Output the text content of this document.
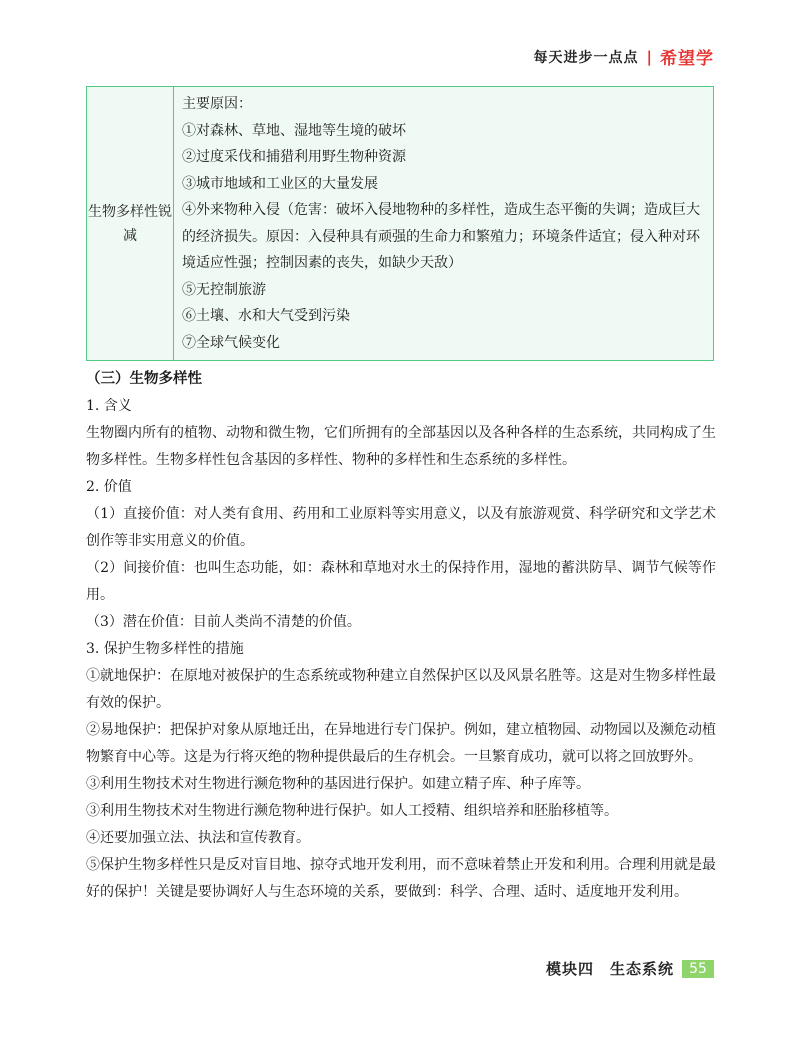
每天进步一点点 | 希望学
生物多样性锐减	
主要原因：
①对森林、草地、湿地等生境的破坏
②过度采伐和捕猎利用野生物种资源
③城市地域和工业区的大量发展
④外来物种入侵（危害：破坏入侵地物种的多样性，造成生态平衡的失调；造成巨大的经济损失。原因：入侵种具有顽强的生命力和繁殖力；环境条件适宜；侵入种对环境适应性强；控制因素的丧失，如缺少天敌）
⑤无控制旅游
⑥土壤、水和大气受到污染
⑦全球气候变化

（三）生物多样性

1. 含义

生物圈内所有的植物、动物和微生物，它们所拥有的全部基因以及各种各样的生态系统，共同构成了生物多样性。生物多样性包含基因的多样性、物种的多样性和生态系统的多样性。

2. 价值

（1）直接价值：对人类有食用、药用和工业原料等实用意义，以及有旅游观赏、科学研究和文学艺术创作等非实用意义的价值。

（2）间接价值：也叫生态功能，如：森林和草地对水土的保持作用，湿地的蓄洪防旱、调节气候等作用。

（3）潜在价值：目前人类尚不清楚的价值。

3. 保护生物多样性的措施

①就地保护：在原地对被保护的生态系统或物种建立自然保护区以及风景名胜等。这是对生物多样性最有效的保护。

②易地保护：把保护对象从原地迁出，在异地进行专门保护。例如，建立植物园、动物园以及濒危动植物繁育中心等。这是为行将灭绝的物种提供最后的生存机会。一旦繁育成功，就可以将之回放野外。

③利用生物技术对生物进行濒危物种的基因进行保护。如建立精子库、种子库等。

③利用生物技术对生物进行濒危物种进行保护。如人工授精、组织培养和胚胎移植等。

④还要加强立法、执法和宣传教育。

⑤保护生物多样性只是反对盲目地、掠夺式地开发利用，而不意味着禁止开发和利用。合理利用就是最好的保护！关键是要协调好人与生态环境的关系，要做到：科学、合理、适时、适度地开发利用。

模块四　生态系统	55
